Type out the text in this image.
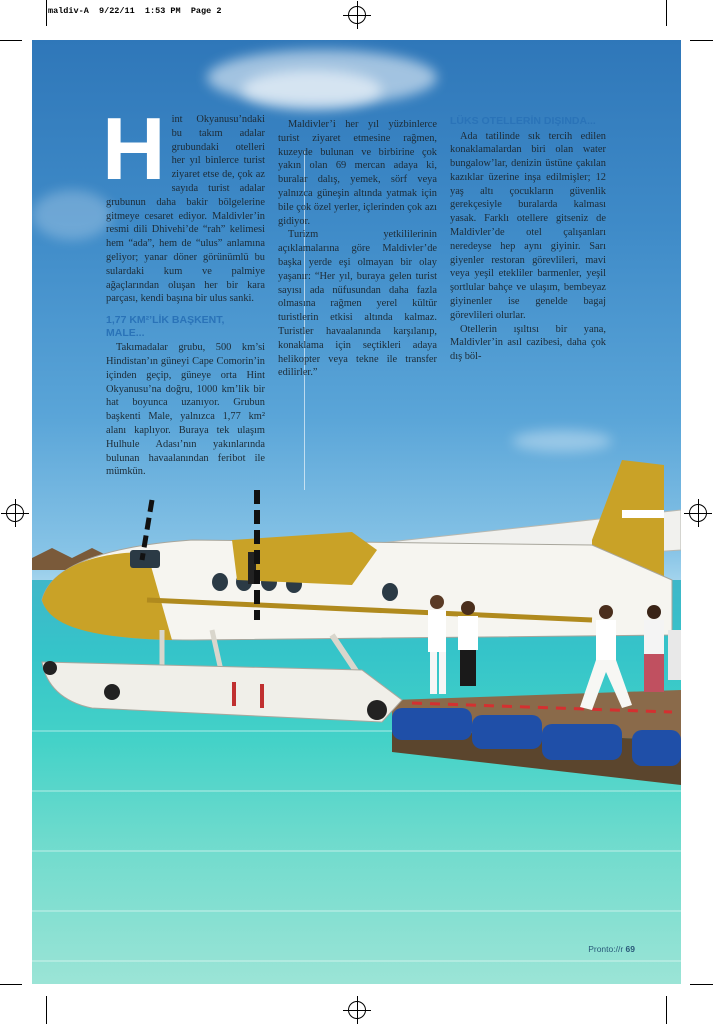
maldiv-A  9/22/11  1:53 PM  Page 2
H int Okyanusu’ndaki bu takım adalar grubundaki otelleri her yıl binlerce turist ziyaret etse de, çok az sayıda turist adalar grubunun daha bakir bölgelerine gitmeye cesaret ediyor. Maldivler’in resmi dili Dhivehi’de “rah” kelimesi hem “ada”, hem de “ulus” anlamına geliyor; yanar döner görünümlü bu sulardaki kum ve palmiye ağaçlarından oluşan her bir kara parçası, kendi başına bir ulus sanki.

1,77 KM²’LİK BAŞKENT, MALE...

Takımadalar grubu, 500 km’si Hindistan’ın güneyi Cape Comorin’in içinden geçip, güneye orta Hint Okyanusu’na doğru, 1000 km’lik bir hat boyunca uzanıyor. Grubun başkenti Male, yalnızca 1,77 km² alanı kaplıyor. Buraya tek ulaşım Hulhule Adası’nın yakınlarında bulunan havaalanından feribot ile mümkün.

Maldivler’i her yıl yüzbinlerce turist ziyaret etmesine rağmen, kuzeyde bulunan ve birbirine çok yakın olan 69 mercan adaya ki, buralar dalış, yemek, sörf veya yalnızca güneşin altında yatmak için bile çok özel yerler, içlerinden çok azı gidiyor.

Turizm yetkililerinin açıklamalarına göre Maldivler’de başka yerde eşi olmayan bir olay yaşanır: “Her yıl, buraya gelen turist sayısı ada nüfusundan daha fazla olmasına rağmen yerel kültür turistlerin etkisi altında kalmaz. Turistler havaalanında karşılanıp, konaklama için seçtikleri adaya helikopter veya tekne ile transfer edilirler.”

LÜKS OTELLERİN DIŞINDA...

Ada tatilinde sık tercih edilen konaklamalardan biri olan water bungalow’lar, denizin üstüne çakılan kazıklar üzerine inşa edilmişler; 12 yaş altı çocukların güvenlik gerekçesiyle buralarda kalması yasak. Farklı otellere gitseniz de Maldivler’de otel çalışanları neredeyse hep aynı giyinir. Sarı giyenler restoran görevlileri, mavi veya yeşil etekliler barmenler, yeşil şortlular bahçe ve ulaşım, bembeyaz giyinenler ise genelde bagaj görevlileri olurlar.

Otellerin ışıltısı bir yana, Maldivler’in asıl cazibesi, daha çok dış böl-

Pronto://r 69
